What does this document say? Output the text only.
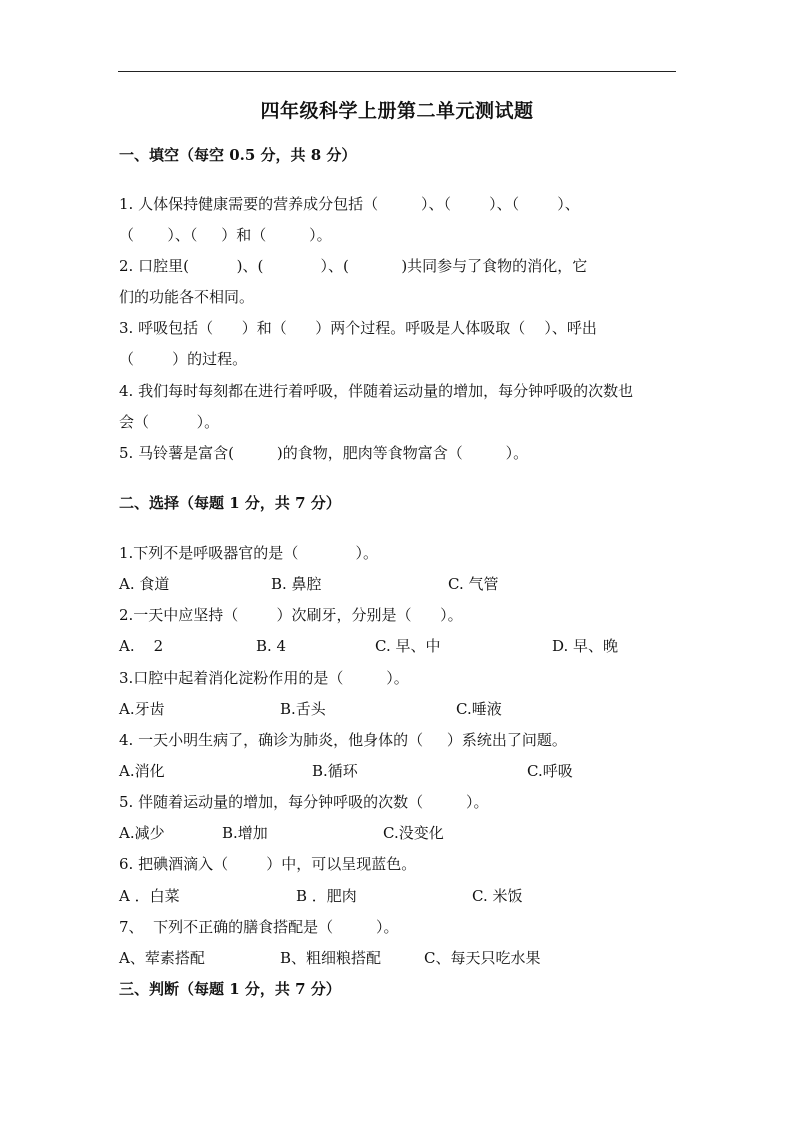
四年级科学上册第二单元测试题
一、填空（每空 0.5 分，共 8 分）
1. 人体保持健康需要的营养成分包括（         ）、（        ）、（        ）、
（       ）、（     ）和（         ）。
2. 口腔里(          )、(            ）、(           )共同参与了食物的消化，它
们的功能各不相同。
3. 呼吸包括（      ）和（      ）两个过程。呼吸是人体吸取（    ）、呼出
（        ）的过程。
4. 我们每时每刻都在进行着呼吸，伴随着运动量的增加，每分钟呼吸的次数也
会（          ）。
5. 马铃薯是富含(         )的食物，肥肉等食物富含（         ）。
二、选择（每题 1 分，共 7 分）
1.下列不是呼吸器官的是（            ）。
A. 食道	B. 鼻腔	C. 气管
2.一天中应坚持（        ）次刷牙，分别是（      ）。
A.    2	B. 4	C. 早、中	D. 早、晚
3.口腔中起着消化淀粉作用的是（         ）。
A.牙齿	B.舌头	C.唾液
4. 一天小明生病了，确诊为肺炎，他身体的（     ）系统出了问题。
A.消化	B.循环	C.呼吸
5. 伴随着运动量的增加，每分钟呼吸的次数（         ）。
A.减少	B.增加	C.没变化
6. 把碘酒滴入（        ）中，可以呈现蓝色。
A ．白菜	B ．肥肉	C. 米饭
7、  下列不正确的膳食搭配是（         ）。
A、荤素搭配	B、粗细粮搭配	C、每天只吃水果
三、判断（每题 1 分，共 7 分）
